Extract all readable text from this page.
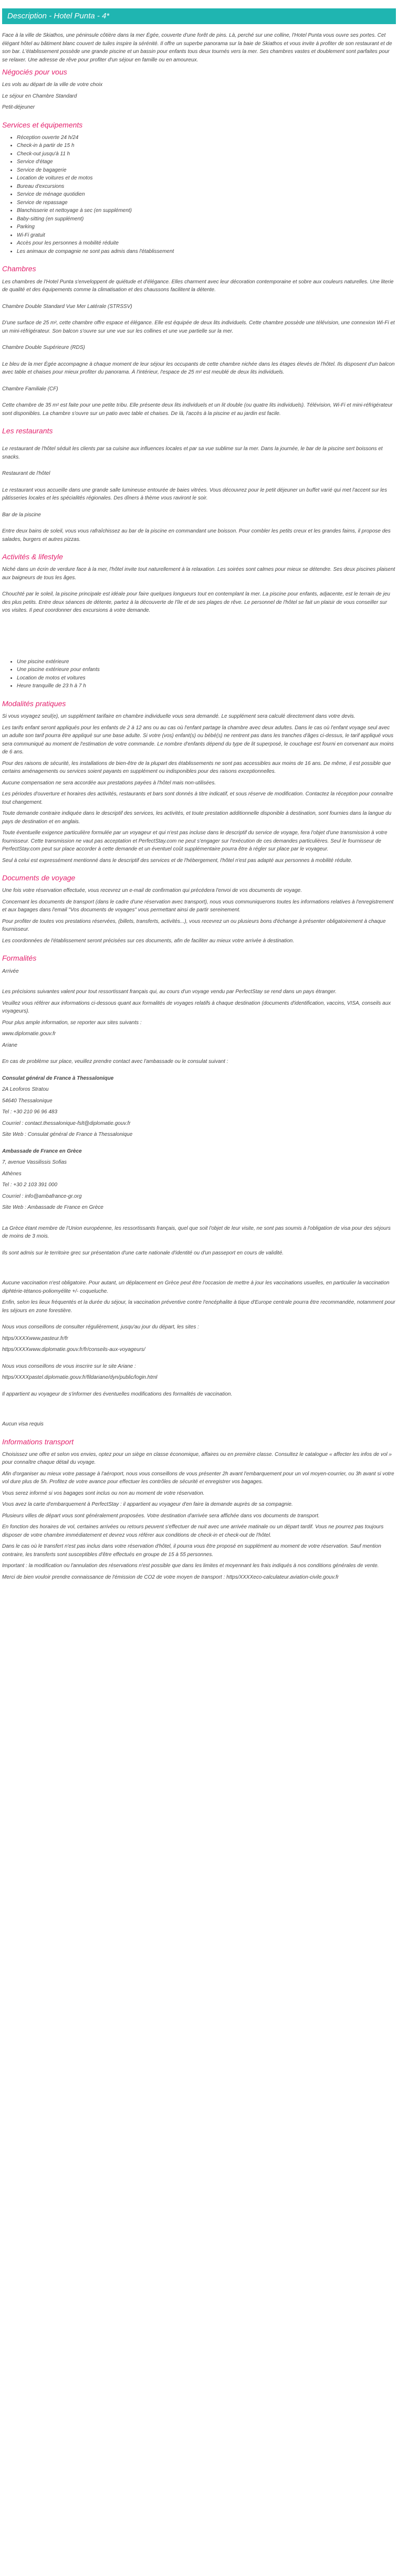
Description - Hotel Punta - 4*

Face à la ville de Skiathos, une péninsule côtière dans la mer Égée, couverte d'une forêt de pins. Là, perché sur une colline, l'Hotel Punta vous ouvre ses portes. Cet élégant hôtel au bâtiment blanc couvert de tuiles inspire la sérénité. Il offre un superbe panorama sur la baie de Skiathos et vous invite à profiter de son restaurant et de son bar. L'établissement possède une grande piscine et un bassin pour enfants tous deux tournés vers la mer. Ses chambres vastes et doublement sont parfaites pour se relaxer. Une adresse de rêve pour profiter d'un séjour en famille ou en amoureux.

Négociés pour vous

Les vols au départ de la ville de votre choix

Le séjour en Chambre Standard

Petit-déjeuner

Services et équipements
• Réception ouverte 24 h/24
• Check-in à partir de 15 h
• Check-out jusqu'à 11 h
• Service d'étage
• Service de bagagerie
• Location de voitures et de motos
• Bureau d'excursions
• Service de ménage quotidien
• Service de repassage
• Blanchisserie et nettoyage à sec (en supplément)
• Baby-sitting (en supplément)
• Parking
• Wi-Fi gratuit
• Accès pour les personnes à mobilité réduite
• Les animaux de compagnie ne sont pas admis dans l'établissement
Chambres

Les chambres de l'Hotel Punta s'enveloppent de quiétude et d'élégance. Elles charment avec leur décoration contemporaine et sobre aux couleurs naturelles. Une literie de qualité et des équipements comme la climatisation et des chaussons facilitent la détente.

Chambre Double Standard Vue Mer Latérale (STRSSV)

D'une surface de 25 m², cette chambre offre espace et élégance. Elle est équipée de deux lits individuels. Cette chambre possède une télévision, une connexion Wi-Fi et un mini-réfrigérateur. Son balcon s'ouvre sur une vue sur les collines et une vue partielle sur la mer.

Chambre Double Supérieure (RDS)

Le bleu de la mer Égée accompagne à chaque moment de leur séjour les occupants de cette chambre nichée dans les étages élevés de l'hôtel. Ils disposent d'un balcon avec table et chaises pour mieux profiter du panorama. À l'intérieur, l'espace de 25 m² est meublé de deux lits individuels.

Chambre Familiale (CF)

Cette chambre de 35 m² est faite pour une petite tribu. Elle présente deux lits individuels et un lit double (ou quatre lits individuels). Télévision, Wi-Fi et mini-réfrigérateur sont disponibles. La chambre s'ouvre sur un patio avec table et chaises. De là, l'accès à la piscine et au jardin est facile.

Les restaurants

Le restaurant de l'hôtel séduit les clients par sa cuisine aux influences locales et par sa vue sublime sur la mer. Dans la journée, le bar de la piscine sert boissons et snacks.

Restaurant de l'hôtel

Le restaurant vous accueille dans une grande salle lumineuse entourée de baies vitrées. Vous découvrez pour le petit déjeuner un buffet varié qui met l'accent sur les pâtisseries locales et les spécialités régionales. Des dîners à thème vous raviront le soir.

Bar de la piscine

Entre deux bains de soleil, vous vous rafraîchissez au bar de la piscine en commandant une boisson. Pour combler les petits creux et les grandes faims, il propose des salades, burgers et autres pizzas.

Activités & lifestyle

Niché dans un écrin de verdure face à la mer, l'hôtel invite tout naturellement à la relaxation. Les soirées sont calmes pour mieux se détendre. Ses deux piscines plaisent aux baigneurs de tous les âges.

Chouchté par le soleil, la piscine principale est idéale pour faire quelques longueurs tout en contemplant la mer. La piscine pour enfants, adjacente, est le terrain de jeu des plus petits. Entre deux séances de détente, partez à la découverte de l'île et de ses plages de rêve. Le personnel de l'hôtel se fait un plaisir de vous conseiller sur vos visites. Il peut coordonner des excursions à votre demande.

• Une piscine extérieure
• Une piscine extérieure pour enfants
• Location de motos et voitures
• Heure tranquille de 23 h à 7 h
Modalités pratiques

Si vous voyagez seul(e), un supplément tarifaire en chambre individuelle vous sera demandé. Le supplément sera calculé directement dans votre devis.

Les tarifs enfant seront appliqués pour les enfants de 2 à 12 ans ou au cas où l'enfant partage la chambre avec deux adultes. Dans le cas où l'enfant voyage seul avec un adulte son tarif pourra être appliqué sur une base adulte. Si votre (vos) enfant(s) ou bébé(s) ne rentrent pas dans les tranches d'âges ci-dessus, le tarif appliqué vous sera communiqué au moment de l'estimation de votre commande. Le nombre d'enfants dépend du type de lit superposé, le couchage est fourni en convenant aux moins de 6 ans.

Pour des raisons de sécurité, les installations de bien-être de la plupart des établissements ne sont pas accessibles aux moins de 16 ans. De même, il est possible que certains aménagements ou services soient payants en supplément ou indisponibles pour des raisons exceptionnelles.

Aucune compensation ne sera accordée aux prestations payées à l'hôtel mais non-utilisées.

Les périodes d'ouverture et horaires des activités, restaurants et bars sont donnés à titre indicatif, et sous réserve de modification. Contactez la réception pour connaître tout changement.

Toute demande contraire indiquée dans le descriptif des services, les activités, et toute prestation additionnelle disponible à destination, sont fournies dans la langue du pays de destination et en anglais.

Toute éventuelle exigence particulière formulée par un voyageur et qui n'est pas incluse dans le descriptif du service de voyage, fera l'objet d'une transmission à votre fournisseur. Cette transmission ne vaut pas acceptation et PerfectStay.com ne peut s'engager sur l'exécution de ces demandes particulières. Seul le fournisseur de PerfectStay.com peut sur place accorder à cette demande et un éventuel coût supplémentaire pourra être à régler sur place par le voyageur.

Seul à celui est expressément mentionné dans le descriptif des services et de l'hébergement, l'hôtel n'est pas adapté aux personnes à mobilité réduite.

Documents de voyage

Une fois votre réservation effectuée, vous recevrez un e-mail de confirmation qui précédera l'envoi de vos documents de voyage.

Concernant les documents de transport (dans le cadre d'une réservation avec transport), nous vous communiquerons toutes les informations relatives à l'enregistrement et aux bagages dans l'email "Vos documents de voyages" vous permettant ainsi de partir sereinement.

Pour profiter de toutes vos prestations réservées, (billets, transferts, activités...), vous recevrez un ou plusieurs bons d'échange à présenter obligatoirement à chaque fournisseur.

Les coordonnées de l'établissement seront précisées sur ces documents, afin de faciliter au mieux votre arrivée à destination.

Formalités

Arrivée

Les précisions suivantes valent pour tout ressortissant français qui, au cours d'un voyage vendu par PerfectStay se rend dans un pays étranger.

Veuillez vous référer aux informations ci-dessous quant aux formalités de voyages relatifs à chaque destination (documents d'identification, vaccins, VISA, conseils aux voyageurs).

Pour plus ample information, se reporter aux sites suivants :

www.diplomatie.gouv.fr

Ariane

En cas de problème sur place, veuillez prendre contact avec l'ambassade ou le consulat suivant :

Consulat général de France à Thessalonique

2A Leoforos Stratou

54640 Thessalonique

Tel : +30 210 96 96 483

Courriel : contact.thessalonique-fslt@diplomatie.gouv.fr

Site Web : Consulat général de France à Thessalonique

Ambassade de France en Grèce

7, avenue Vassilissis Sofias

Athènes

Tel : +30 2 103 391 000

Courriel : info@ambafrance-gr.org

Site Web : Ambassade de France en Grèce

La Grèce étant membre de l'Union européenne, les ressortissants français, quel que soit l'objet de leur visite, ne sont pas soumis à l'obligation de visa pour des séjours de moins de 3 mois.

Ils sont admis sur le territoire grec sur présentation d'une carte nationale d'identité ou d'un passeport en cours de validité.

Aucune vaccination n'est obligatoire. Pour autant, un déplacement en Grèce peut être l'occasion de mettre à jour les vaccinations usuelles, en particulier la vaccination diphtérie-tétanos-poliomyélite +/- coqueluche.

Enfin, selon les lieux fréquentés et la durée du séjour, la vaccination préventive contre l'encéphalite à tique d'Europe centrale pourra être recommandée, notamment pour les séjours en zone forestière.

Nous vous conseillons de consulter régulièrement, jusqu'au jour du départ, les sites :

https/XXXXwww.pasteur.fr/fr

https/XXXXwww.diplomatie.gouv.fr/fr/conseils-aux-voyageurs/

Nous vous conseillons de vous inscrire sur le site Ariane :

https/XXXXpastel.diplomatie.gouv.fr/fildariane/dyn/public/login.html

Il appartient au voyageur de s'informer des éventuelles modifications des formalités de vaccination.

Aucun visa requis

Informations transport

Choisissez une offre et selon vos envies, optez pour un siège en classe économique, affaires ou en première classe. Consultez le catalogue « affecter les infos de vol » pour connaître chaque détail du voyage.

Afin d'organiser au mieux votre passage à l'aéroport, nous vous conseillons de vous présenter 2h avant l'embarquement pour un vol moyen-courrier, ou 3h avant si votre vol dure plus de 5h. Profitez de votre avance pour effectuer les contrôles de sécurité et enregistrer vos bagages.

Vous serez informé si vos bagages sont inclus ou non au moment de votre réservation.

Vous avez la carte d'embarquement à PerfectStay : il appartient au voyageur d'en faire la demande auprès de sa compagnie.

Plusieurs villes de départ vous sont généralement proposées. Votre destination d'arrivée sera affichée dans vos documents de transport.

En fonction des horaires de vol, certaines arrivées ou retours peuvent s'effectuer de nuit avec une arrivée matinale ou un départ tardif. Vous ne pourrez pas toujours disposer de votre chambre immédiatement et devrez vous référer aux conditions de check-in et check-out de l'hôtel.

Dans le cas où le transfert n'est pas inclus dans votre réservation d'hôtel, il pourra vous être proposé en supplément au moment de votre réservation. Sauf mention contraire, les transferts sont susceptibles d'être effectués en groupe de 15 à 55 personnes.

Important : la modification ou l'annulation des réservations n'est possible que dans les limites et moyennant les frais indiqués à nos conditions générales de vente.

Merci de bien vouloir prendre connaissance de l'émission de CO2 de votre moyen de transport : https/XXXXeco-calculateur.aviation-civile.gouv.fr
